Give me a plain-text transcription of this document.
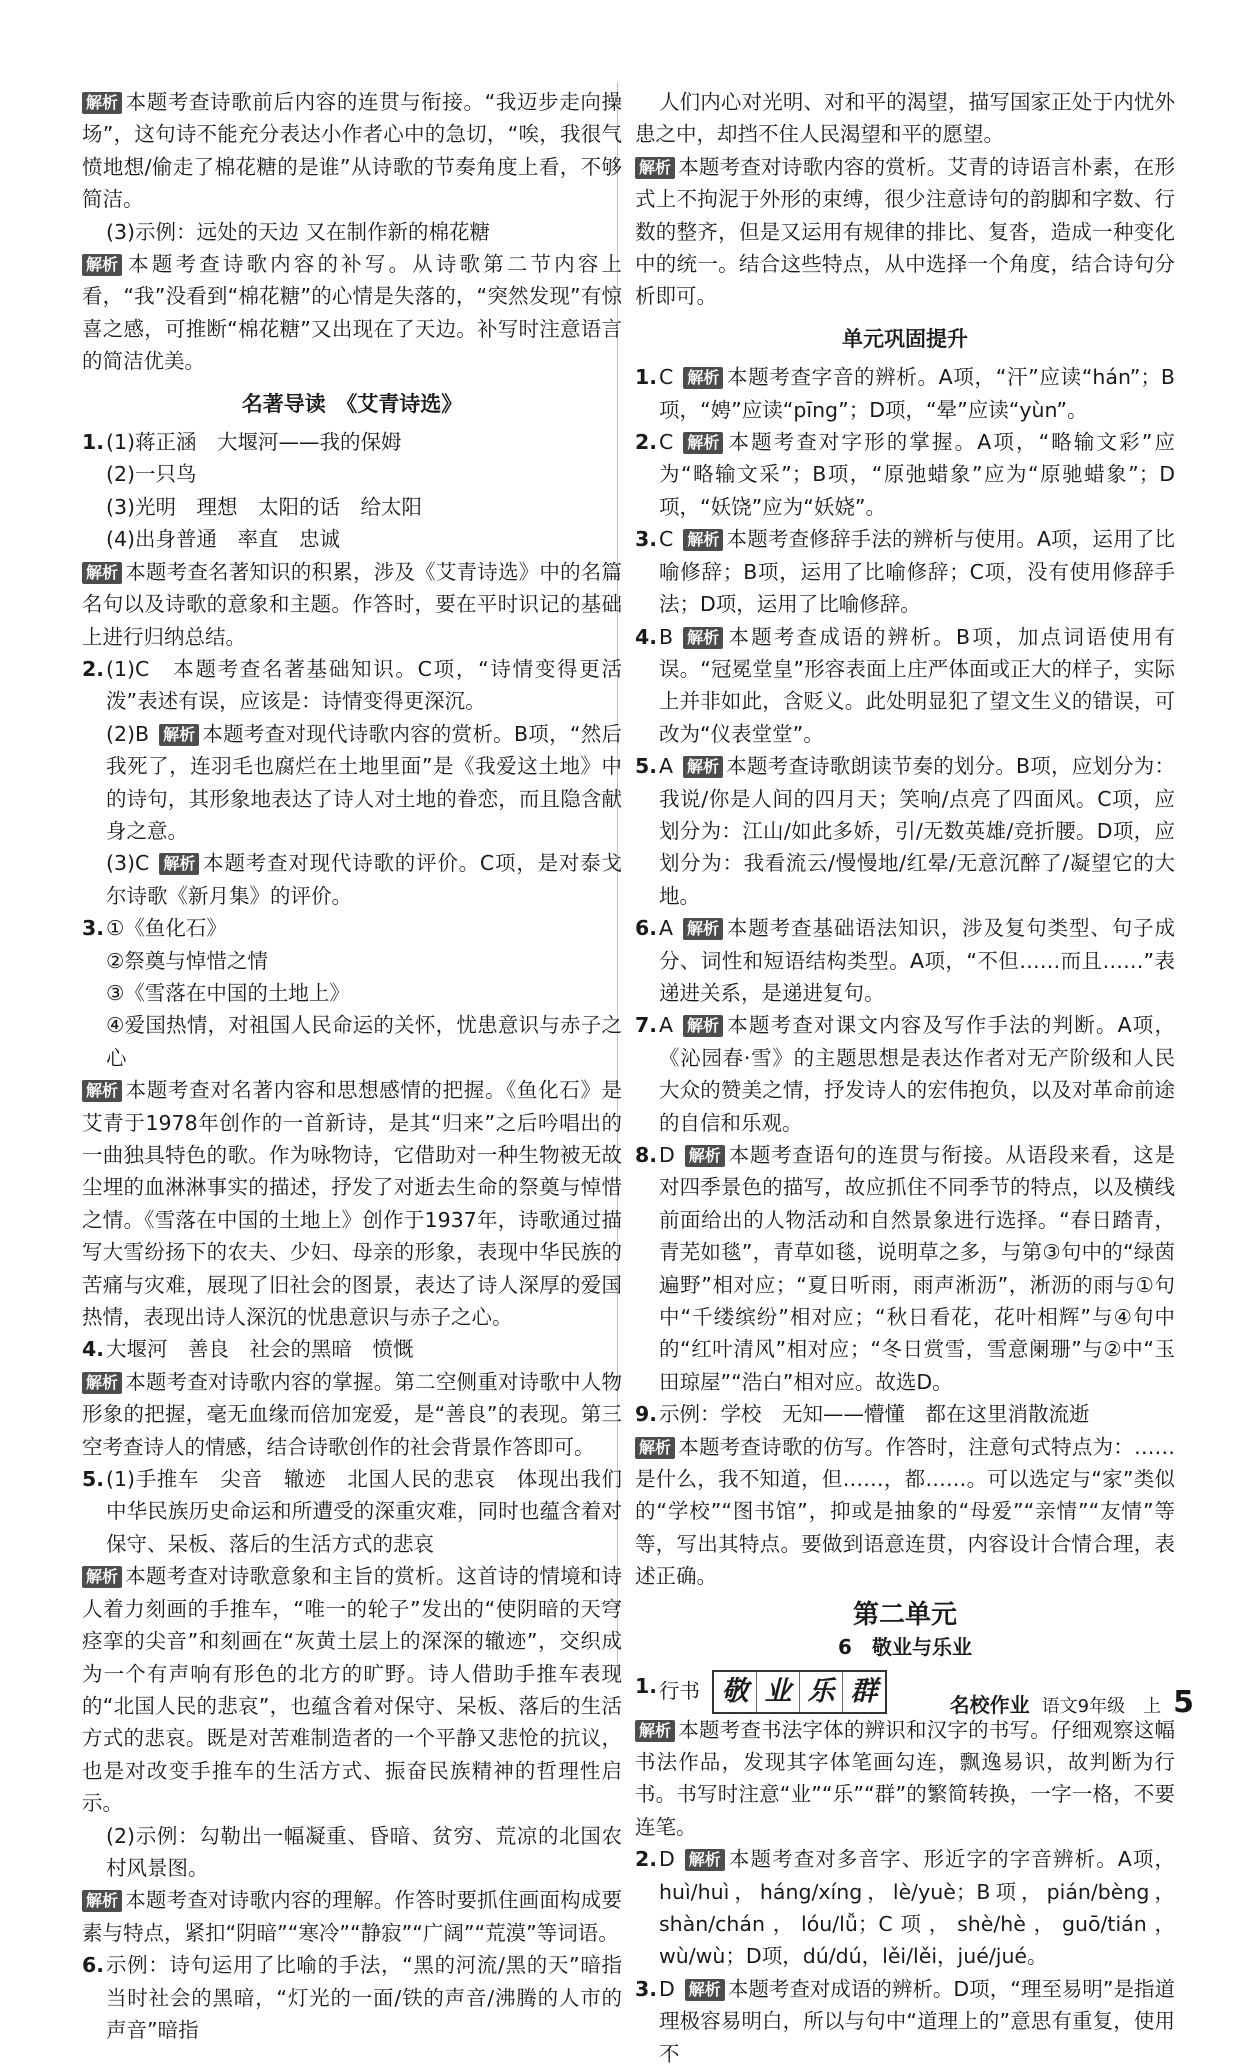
解析 本题考查诗歌前后内容的连贯与衔接。“我迈步走向操场”，这句诗不能充分表达小作者心中的急切，“唉，我很气愤地想/偷走了棉花糖的是谁”从诗歌的节奏角度上看，不够简洁。

(3)示例：远处的天边 又在制作新的棉花糖

解析 本题考查诗歌内容的补写。从诗歌第二节内容上看，“我”没看到“棉花糖”的心情是失落的，“突然发现”有惊喜之感，可推断“棉花糖”又出现在了天边。补写时注意语言的简洁优美。

名著导读　《艾青诗选》

1. (1)蒋正涵　大堰河——我的保姆

(2)一只鸟

(3)光明　理想　太阳的话　给太阳

(4)出身普通　率直　忠诚

解析 本题考查名著知识的积累，涉及《艾青诗选》中的名篇名句以及诗歌的意象和主题。作答时，要在平时识记的基础上进行归纳总结。

2. (1)C　本题考查名著基础知识。C项，“诗情变得更活泼”表述有误，应该是：诗情变得更深沉。

(2)B 解析 本题考查对现代诗歌内容的赏析。B项，“然后我死了，连羽毛也腐烂在土地里面”是《我爱这土地》中的诗句，其形象地表达了诗人对土地的眷恋，而且隐含献身之意。

(3)C 解析 本题考查对现代诗歌的评价。C项，是对泰戈尔诗歌《新月集》的评价。

3. ①《鱼化石》

②祭奠与悼惜之情

③《雪落在中国的土地上》

④爱国热情，对祖国人民命运的关怀，忧患意识与赤子之心

解析 本题考查对名著内容和思想感情的把握。《鱼化石》是艾青于1978年创作的一首新诗，是其“归来”之后吟唱出的一曲独具特色的歌。作为咏物诗，它借助对一种生物被无故尘埋的血淋淋事实的描述，抒发了对逝去生命的祭奠与悼惜之情。《雪落在中国的土地上》创作于1937年，诗歌通过描写大雪纷扬下的农夫、少妇、母亲的形象，表现中华民族的苦痛与灾难，展现了旧社会的图景，表达了诗人深厚的爱国热情，表现出诗人深沉的忧患意识与赤子之心。

4. 大堰河　善良　社会的黑暗　愤慨

解析 本题考查对诗歌内容的掌握。第二空侧重对诗歌中人物形象的把握，毫无血缘而倍加宠爱，是“善良”的表现。第三空考查诗人的情感，结合诗歌创作的社会背景作答即可。

5. (1)手推车　尖音　辙迹　北国人民的悲哀　体现出我们中华民族历史命运和所遭受的深重灾难，同时也蕴含着对保守、呆板、落后的生活方式的悲哀

解析 本题考查对诗歌意象和主旨的赏析。这首诗的情境和诗人着力刻画的手推车，“唯一的轮子”发出的“使阴暗的天穹痉挛的尖音”和刻画在“灰黄土层上的深深的辙迹”，交织成为一个有声响有形色的北方的旷野。诗人借助手推车表现的“北国人民的悲哀”，也蕴含着对保守、呆板、落后的生活方式的悲哀。既是对苦难制造者的一个平静又悲怆的抗议，也是对改变手推车的生活方式、振奋民族精神的哲理性启示。

(2)示例：勾勒出一幅凝重、昏暗、贫穷、荒凉的北国农村风景图。

解析 本题考查对诗歌内容的理解。作答时要抓住画面构成要素与特点，紧扣“阴暗”“寒冷”“静寂”“广阔”“荒漠”等词语。

6. 示例：诗句运用了比喻的手法，“黑的河流/黑的天”暗指当时社会的黑暗，“灯光的一面/铁的声音/沸腾的人市的声音”暗指

人们内心对光明、对和平的渴望，描写国家正处于内忧外患之中，却挡不住人民渴望和平的愿望。

解析 本题考查对诗歌内容的赏析。艾青的诗语言朴素，在形式上不拘泥于外形的束缚，很少注意诗句的韵脚和字数、行数的整齐，但是又运用有规律的排比、复沓，造成一种变化中的统一。结合这些特点，从中选择一个角度，结合诗句分析即可。

单元巩固提升

1. C 解析 本题考查字音的辨析。A项，“汗”应读“hán”；B项，“娉”应读“pīng”；D项，“晕”应读“yùn”。

2. C 解析 本题考查对字形的掌握。A项，“略输文彩”应为“略输文采”；B项，“原弛蜡象”应为“原驰蜡象”；D项，“妖饶”应为“妖娆”。

3. C 解析 本题考查修辞手法的辨析与使用。A项，运用了比喻修辞；B项，运用了比喻修辞；C项，没有使用修辞手法；D项，运用了比喻修辞。

4. B 解析 本题考查成语的辨析。B项，加点词语使用有误。“冠冕堂皇”形容表面上庄严体面或正大的样子，实际上并非如此，含贬义。此处明显犯了望文生义的错误，可改为“仪表堂堂”。

5. A 解析 本题考查诗歌朗读节奏的划分。B项，应划分为：我说/你是人间的四月天；笑响/点亮了四面风。C项，应划分为：江山/如此多娇，引/无数英雄/竞折腰。D项，应划分为：我看流云/慢慢地/红晕/无意沉醉了/凝望它的大地。

6. A 解析 本题考查基础语法知识，涉及复句类型、句子成分、词性和短语结构类型。A项，“不但……而且……”表递进关系，是递进复句。

7. A 解析 本题考查对课文内容及写作手法的判断。A项，《沁园春·雪》的主题思想是表达作者对无产阶级和人民大众的赞美之情，抒发诗人的宏伟抱负，以及对革命前途的自信和乐观。

8. D 解析 本题考查语句的连贯与衔接。从语段来看，这是对四季景色的描写，故应抓住不同季节的特点，以及横线前面给出的人物活动和自然景象进行选择。“春日踏青，青芜如毯”，青草如毯，说明草之多，与第③句中的“绿茵遍野”相对应；“夏日听雨，雨声淅沥”，淅沥的雨与①句中“千缕缤纷”相对应；“秋日看花，花叶相辉”与④句中的“红叶清风”相对应；“冬日赏雪，雪意阑珊”与②中“玉田琼屋”“浩白”相对应。故选D。

9. 示例：学校　无知——懵懂　都在这里消散流逝

解析 本题考查诗歌的仿写。作答时，注意句式特点为：……是什么，我不知道，但……，都……。可以选定与“家”类似的“学校”“图书馆”，抑或是抽象的“母爱”“亲情”“友情”等等，写出其特点。要做到语意连贯，内容设计合情合理，表述正确。

第二单元
6　敬业与乐业

1. 行书 敬 业 乐 群

解析 本题考查书法字体的辨识和汉字的书写。仔细观察这幅书法作品，发现其字体笔画勾连，飘逸易识，故判断为行书。书写时注意“业”“乐”“群”的繁简转换，一字一格，不要连笔。

2. D 解析 本题考查对多音字、形近字的字音辨析。A项，huì/huì，háng/xíng，lè/yuè；B项，pián/bèng，shàn/chán，lóu/lǚ；C项，shè/hè，guō/tián，wù/wù；D项，dú/dú，lěi/lěi，jué/jué。

3. D 解析 本题考查对成语的辨析。D项，“理至易明”是指道理极容易明白，所以与句中“道理上的”意思有重复，使用不

名校作业 语文9年级　上 5
